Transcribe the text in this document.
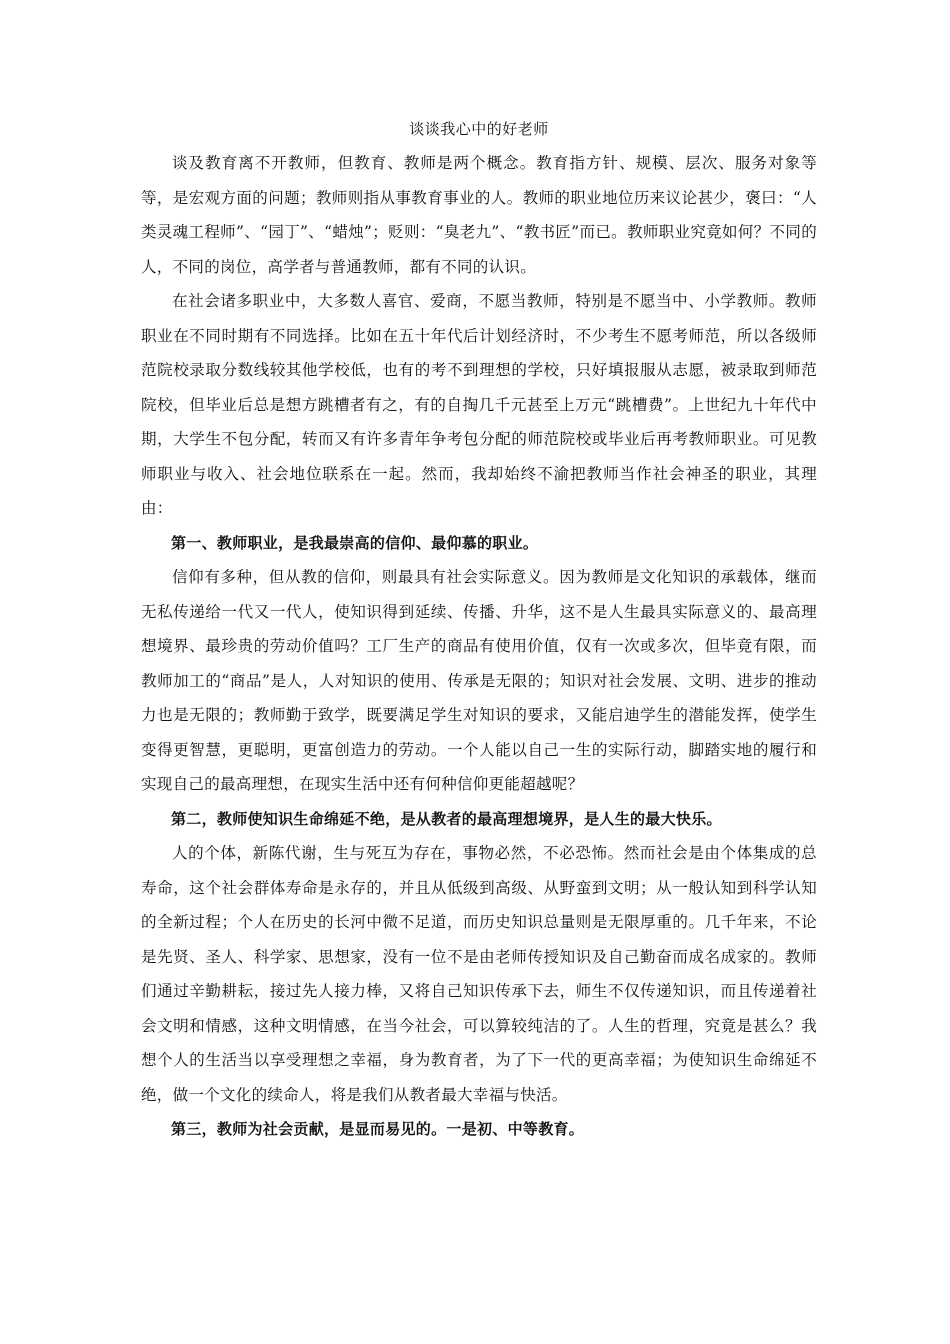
谈谈我心中的好老师

谈及教育离不开教师，但教育、教师是两个概念。教育指方针、规模、层次、服务对象等等，是宏观方面的问题；教师则指从事教育事业的人。教师的职业地位历来议论甚少，褒曰：“人类灵魂工程师”、“园丁”、“蜡烛”；贬则：“臭老九”、“教书匠”而已。教师职业究竟如何？不同的人，不同的岗位，高学者与普通教师，都有不同的认识。

在社会诸多职业中，大多数人喜官、爱商，不愿当教师，特别是不愿当中、小学教师。教师职业在不同时期有不同选择。比如在五十年代后计划经济时，不少考生不愿考师范，所以各级师范院校录取分数线较其他学校低，也有的考不到理想的学校，只好填报服从志愿，被录取到师范院校，但毕业后总是想方跳槽者有之，有的自掏几千元甚至上万元“跳槽费”。上世纪九十年代中期，大学生不包分配，转而又有许多青年争考包分配的师范院校或毕业后再考教师职业。可见教师职业与收入、社会地位联系在一起。然而，我却始终不渝把教师当作社会神圣的职业，其理由：

第一、教师职业，是我最崇高的信仰、最仰慕的职业。

信仰有多种，但从教的信仰，则最具有社会实际意义。因为教师是文化知识的承载体，继而无私传递给一代又一代人，使知识得到延续、传播、升华，这不是人生最具实际意义的、最高理想境界、最珍贵的劳动价值吗？工厂生产的商品有使用价值，仅有一次或多次，但毕竟有限，而教师加工的“商品”是人，人对知识的使用、传承是无限的；知识对社会发展、文明、进步的推动力也是无限的；教师勤于致学，既要满足学生对知识的要求，又能启迪学生的潜能发挥，使学生变得更智慧，更聪明，更富创造力的劳动。一个人能以自己一生的实际行动，脚踏实地的履行和实现自己的最高理想，在现实生活中还有何种信仰更能超越呢？

第二，教师使知识生命绵延不绝，是从教者的最高理想境界，是人生的最大快乐。

人的个体，新陈代谢，生与死互为存在，事物必然，不必恐怖。然而社会是由个体集成的总寿命，这个社会群体寿命是永存的，并且从低级到高级、从野蛮到文明；从一般认知到科学认知的全新过程；个人在历史的长河中微不足道，而历史知识总量则是无限厚重的。几千年来，不论是先贤、圣人、科学家、思想家，没有一位不是由老师传授知识及自己勤奋而成名成家的。教师们通过辛勤耕耘，接过先人接力棒，又将自己知识传承下去，师生不仅传递知识，而且传递着社会文明和情感，这种文明情感，在当今社会，可以算较纯洁的了。人生的哲理，究竟是甚么？我想个人的生活当以享受理想之幸福，身为教育者，为了下一代的更高幸福；为使知识生命绵延不绝，做一个文化的续命人，将是我们从教者最大幸福与快活。

第三，教师为社会贡献，是显而易见的。一是初、中等教育。
